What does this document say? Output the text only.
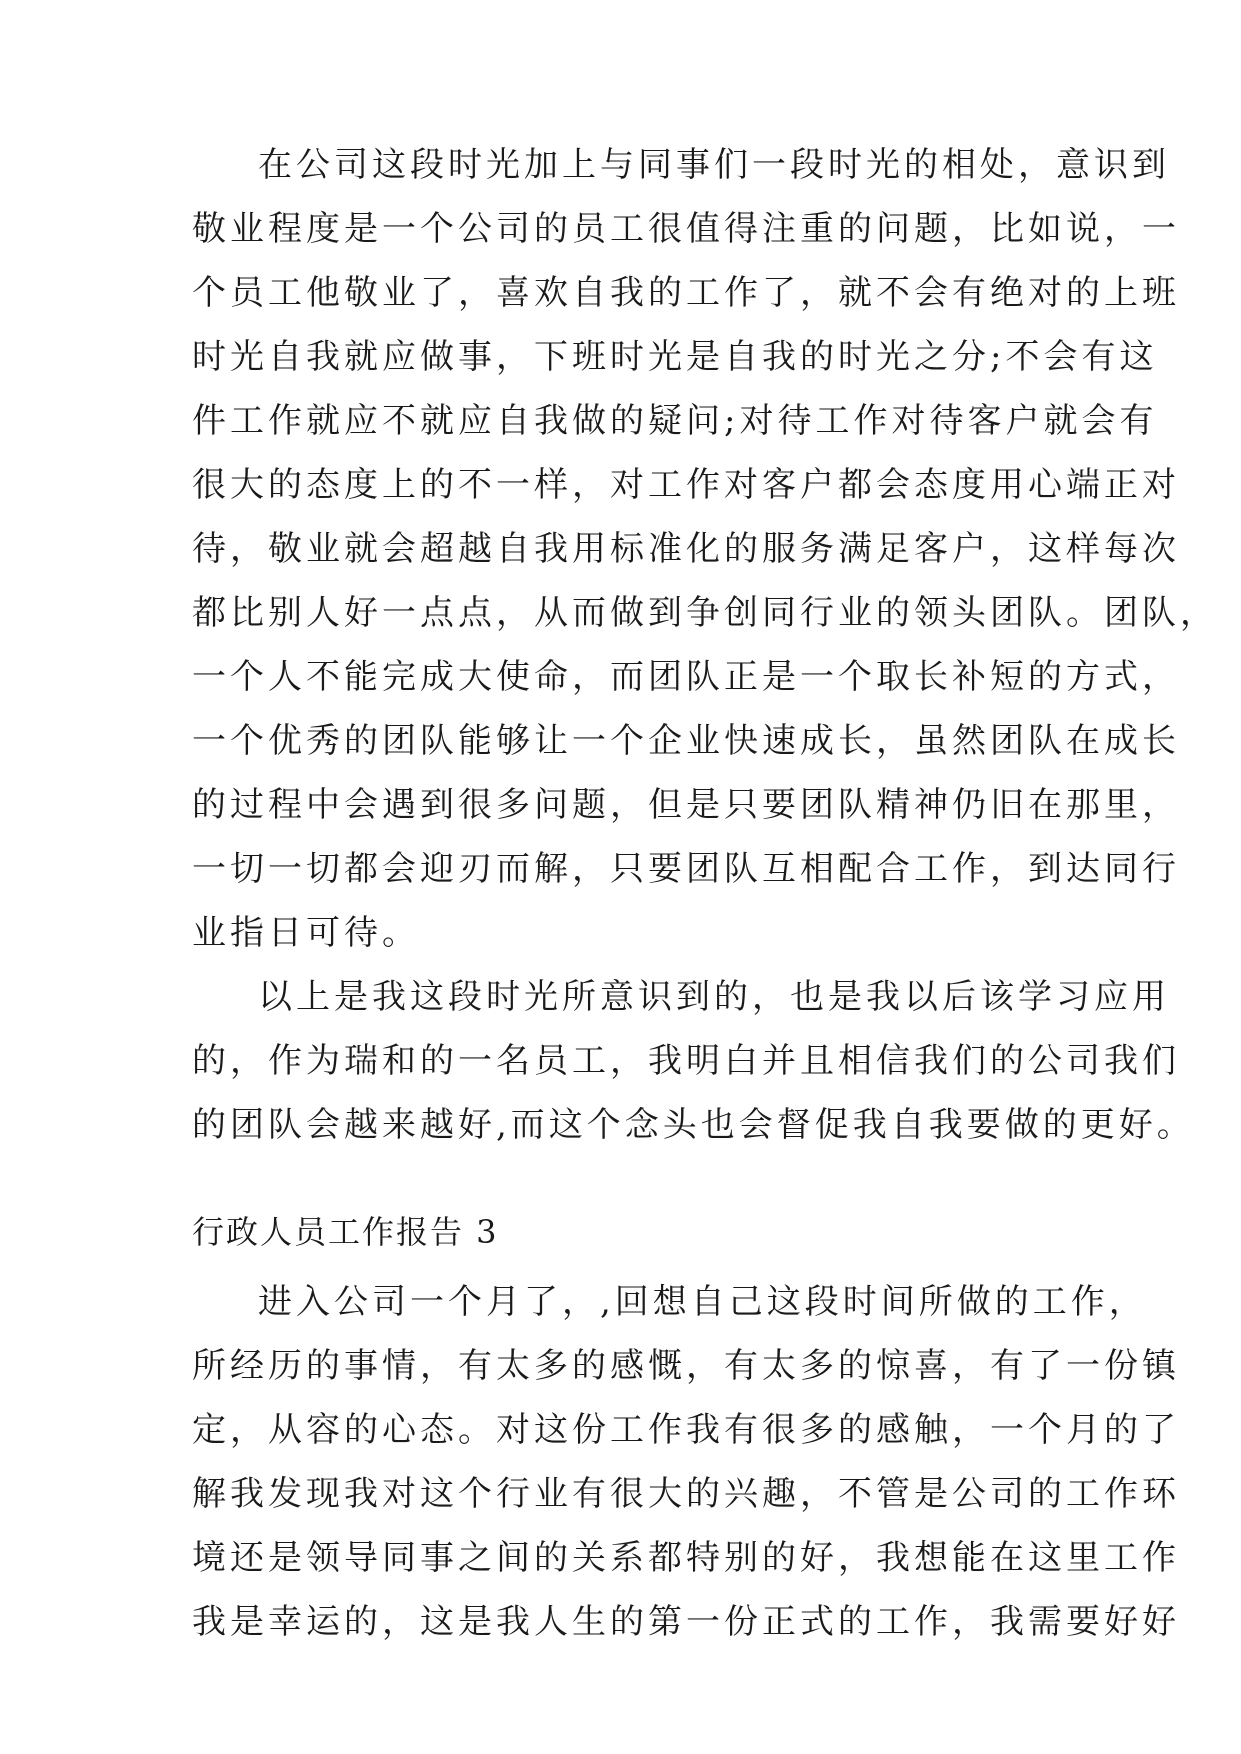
在公司这段时光加上与同事们一段时光的相处，意识到
敬业程度是一个公司的员工很值得注重的问题，比如说，一
个员工他敬业了，喜欢自我的工作了，就不会有绝对的上班
时光自我就应做事，下班时光是自我的时光之分;不会有这
件工作就应不就应自我做的疑问;对待工作对待客户就会有
很大的态度上的不一样，对工作对客户都会态度用心端正对
待，敬业就会超越自我用标准化的服务满足客户，这样每次
都比别人好一点点，从而做到争创同行业的领头团队。团队，
一个人不能完成大使命，而团队正是一个取长补短的方式，
一个优秀的团队能够让一个企业快速成长，虽然团队在成长
的过程中会遇到很多问题，但是只要团队精神仍旧在那里，
一切一切都会迎刃而解，只要团队互相配合工作，到达同行
业指日可待。
以上是我这段时光所意识到的，也是我以后该学习应用
的，作为瑞和的一名员工，我明白并且相信我们的公司我们
的团队会越来越好,而这个念头也会督促我自我要做的更好。
行政人员工作报告 3
进入公司一个月了，,回想自己这段时间所做的工作，
所经历的事情，有太多的感慨，有太多的惊喜，有了一份镇
定，从容的心态。对这份工作我有很多的感触，一个月的了
解我发现我对这个行业有很大的兴趣，不管是公司的工作环
境还是领导同事之间的关系都特别的好，我想能在这里工作
我是幸运的，这是我人生的第一份正式的工作，我需要好好
